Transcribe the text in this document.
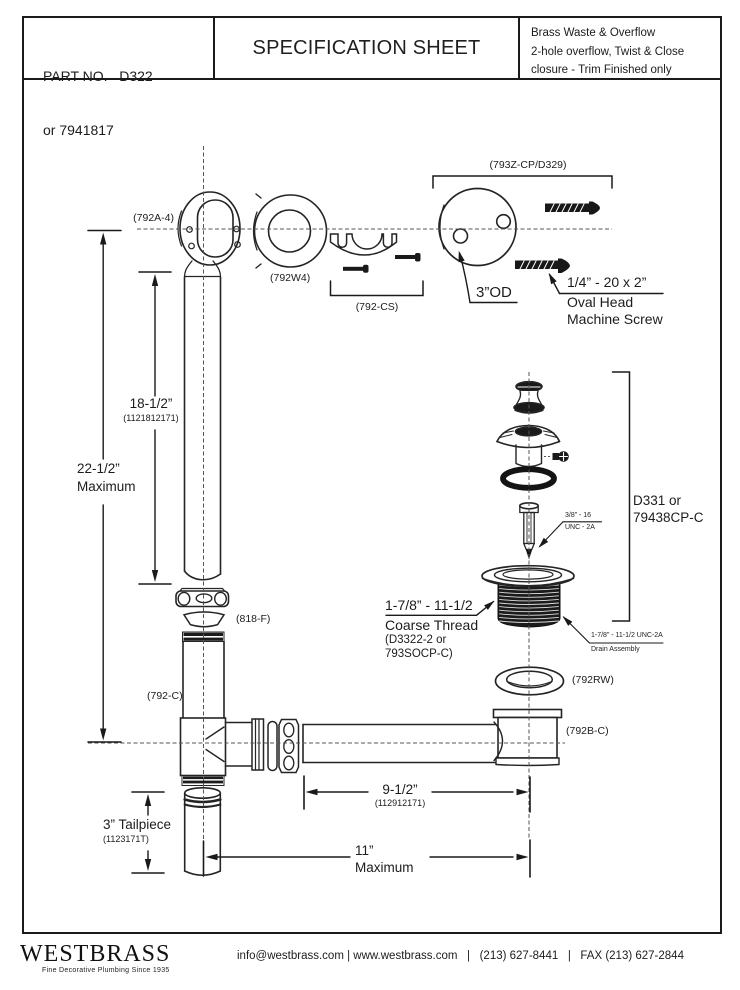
PART NO.   D322

or 7941817

SPECIFICATION SHEET
Brass Waste & Overflow
2-hole overflow, Twist & Close
closure - Trim Finished only
(792A-4)
(792W4)
(792-CS)
(793Z-CP/D329)
3”OD
1/4” - 20 x 2”
Oval Head
Machine Screw
18-1/2”
(1121812171)
22-1/2”
Maximum
(818-F)
(792-C)
D331 or
79438CP-C
3/8” - 16
UNC - 2A
1-7/8” - 11-1/2
Coarse Thread
(D3322-2 or
793SOCP-C)
1-7/8” - 11-1/2 UNC-2A
Drain Assembly
(792RW)
(792B-C)
9-1/2”
(112912171)
3” Tailpiece
(1123171T)
11”
Maximum
WESTBRASS
Fine Decorative Plumbing Since 1935
info@westbrass.com | www.westbrass.com   |   (213) 627-8441   |   FAX (213) 627-2844
